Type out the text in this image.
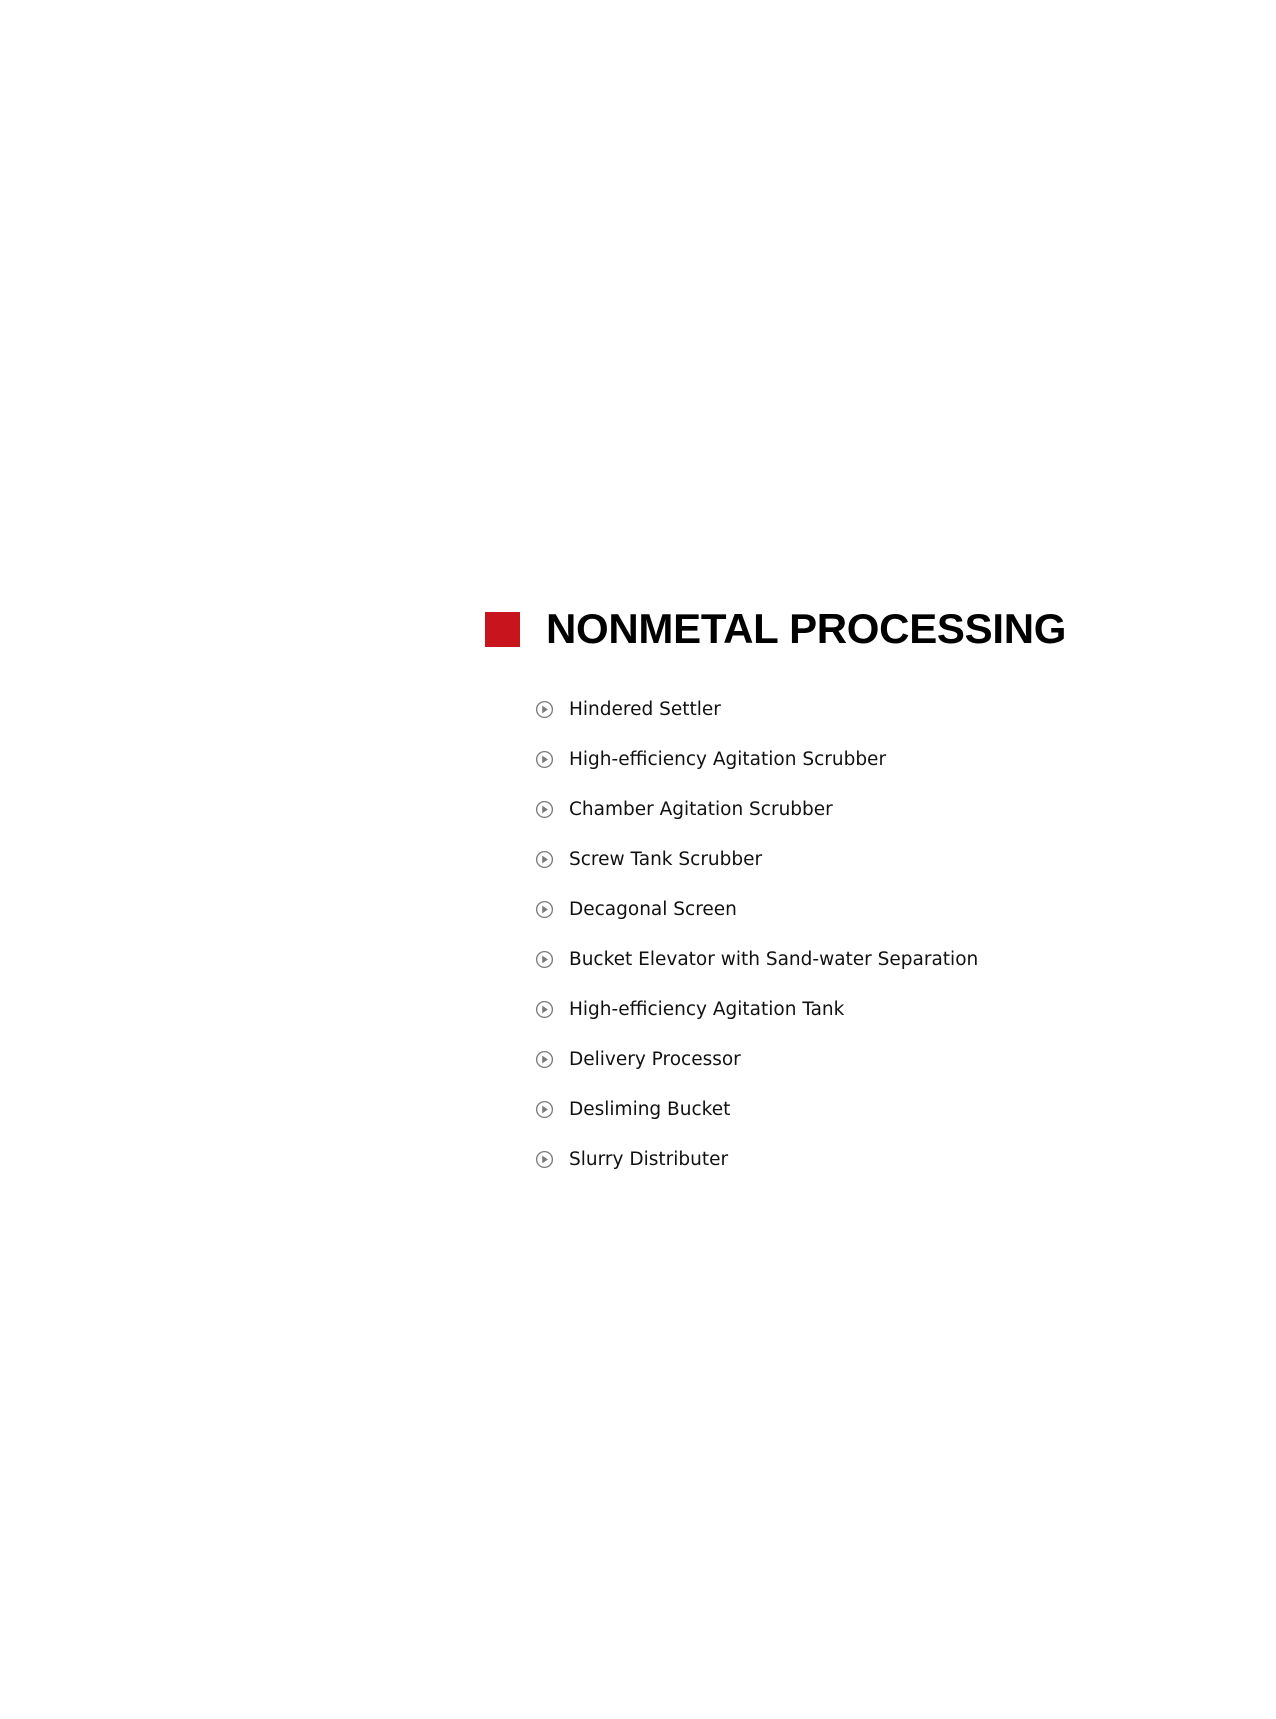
NONMETAL PROCESSING
Hindered Settler
High-efficiency Agitation Scrubber
Chamber Agitation Scrubber
Screw Tank Scrubber
Decagonal Screen
Bucket Elevator with Sand-water Separation
High-efficiency Agitation Tank
Delivery Processor
Desliming Bucket
Slurry Distributer
